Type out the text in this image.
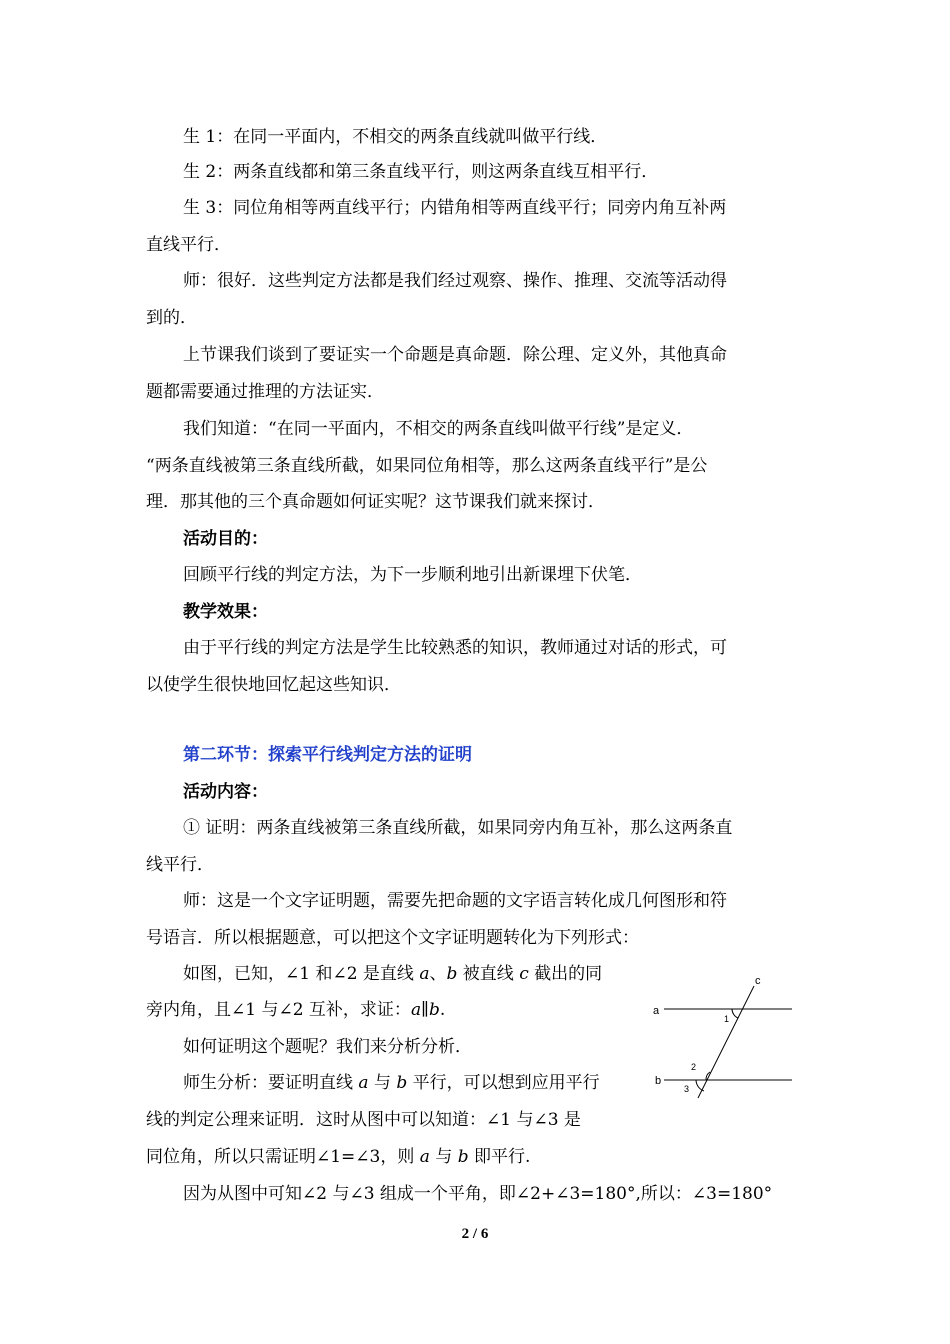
生 1：在同一平面内，不相交的两条直线就叫做平行线．
生 2：两条直线都和第三条直线平行，则这两条直线互相平行．
生 3：同位角相等两直线平行；内错角相等两直线平行；同旁内角互补两
直线平行．
师：很好．这些判定方法都是我们经过观察、操作、推理、交流等活动得
到的．
上节课我们谈到了要证实一个命题是真命题．除公理、定义外，其他真命
题都需要通过推理的方法证实．
我们知道：“在同一平面内，不相交的两条直线叫做平行线”是定义．
“两条直线被第三条直线所截，如果同位角相等，那么这两条直线平行”是公
理．那其他的三个真命题如何证实呢？这节课我们就来探讨．
活动目的：
回顾平行线的判定方法，为下一步顺利地引出新课埋下伏笔．
教学效果：
由于平行线的判定方法是学生比较熟悉的知识，教师通过对话的形式，可
以使学生很快地回忆起这些知识．
第二环节：探索平行线判定方法的证明
活动内容：
① 证明：两条直线被第三条直线所截，如果同旁内角互补，那么这两条直
线平行．
师：这是一个文字证明题，需要先把命题的文字语言转化成几何图形和符
号语言．所以根据题意，可以把这个文字证明题转化为下列形式：
如图，已知，∠1 和∠2 是直线 a、b 被直线 c 截出的同
旁内角，且∠1 与∠2 互补，求证：a∥b.
如何证明这个题呢？我们来分析分析．
师生分析：要证明直线 a 与 b 平行，可以想到应用平行
线的判定公理来证明．这时从图中可以知道：∠1 与∠3 是
同位角，所以只需证明∠1=∠3，则 a 与 b 即平行.
因为从图中可知∠2 与∠3 组成一个平角，即∠2+∠3=180°,所以：∠3=180°
a
b
c
1
2
3
2 / 6
